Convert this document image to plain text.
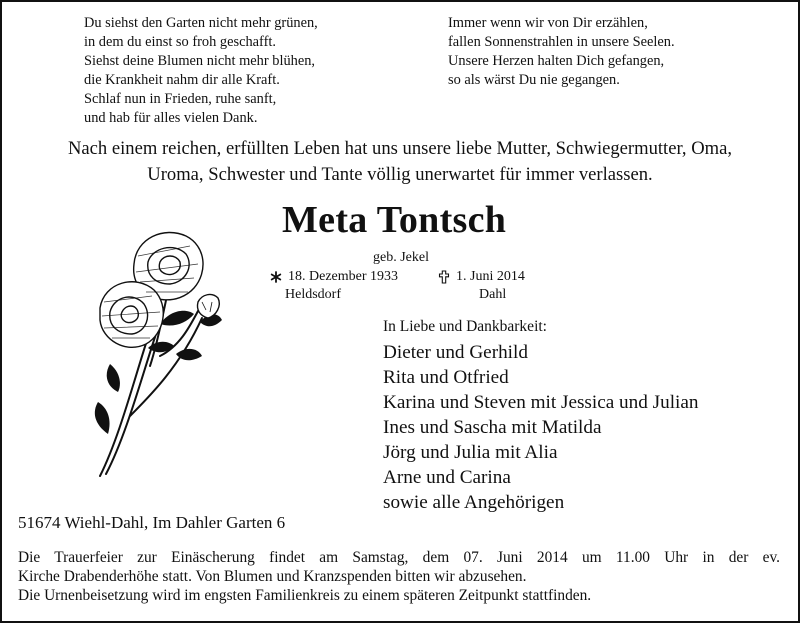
Du siehst den Garten nicht mehr grünen,
in dem du einst so froh geschafft.
Siehst deine Blumen nicht mehr blühen,
die Krankheit nahm dir alle Kraft.
Schlaf nun in Frieden, ruhe sanft,
und hab für alles vielen Dank.
Immer wenn wir von Dir erzählen,
fallen Sonnenstrahlen in unsere Seelen.
Unsere Herzen halten Dich gefangen,
so als wärst Du nie gegangen.
Nach einem reichen, erfüllten Leben hat uns unsere liebe Mutter, Schwiegermutter, Oma,
Uroma, Schwester und Tante völlig unerwartet für immer verlassen.
Meta Tontsch
geb. Jekel
18. Dezember 1933
Heldsdorf
1. Juni 2014
Dahl
In Liebe und Dankbarkeit:
Dieter und Gerhild
Rita und Otfried
Karina und Steven mit Jessica und Julian
Ines und Sascha mit Matilda
Jörg und Julia mit Alia
Arne und Carina
sowie alle Angehörigen
51674 Wiehl-Dahl, Im Dahler Garten 6
Die Trauerfeier zur Einäscherung findet am Samstag, dem 07. Juni 2014 um 11.00 Uhr in der ev.
Kirche Drabenderhöhe statt. Von Blumen und Kranzspenden bitten wir abzusehen.
Die Urnenbeisetzung wird im engsten Familienkreis zu einem späteren Zeitpunkt stattfinden.
